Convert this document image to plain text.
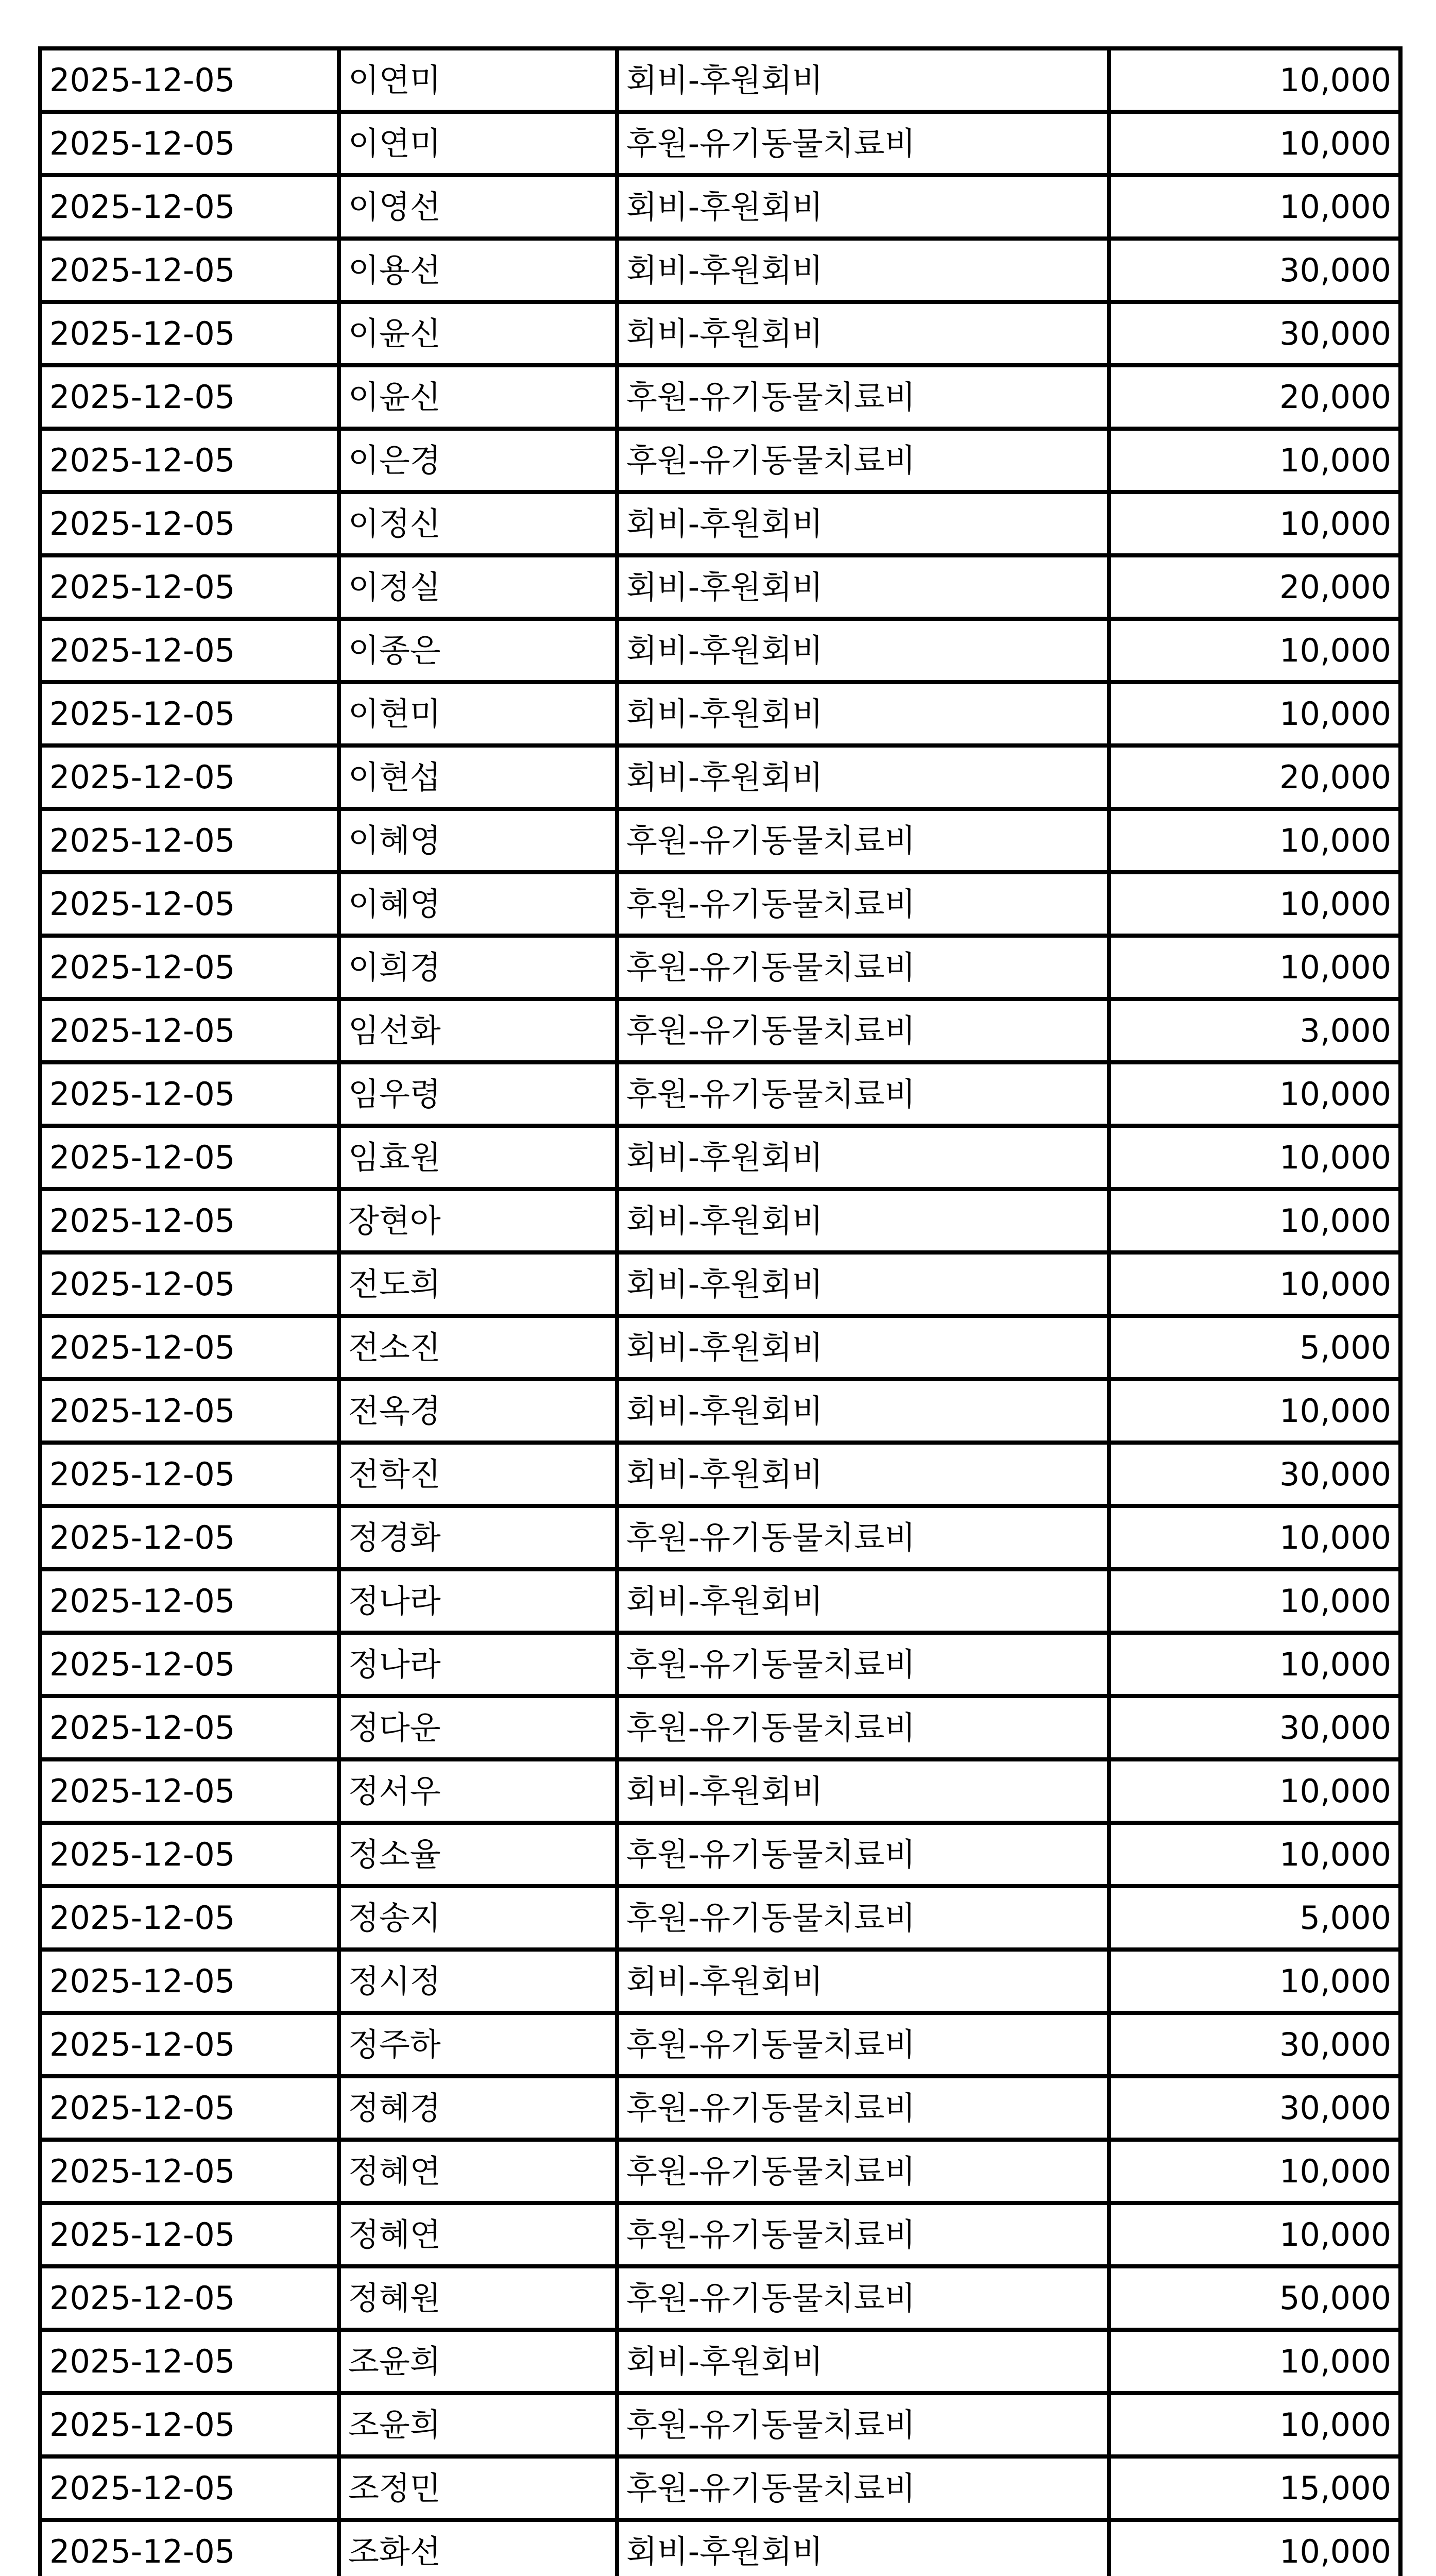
2025-12-05	이연미	회비-후원회비	10,000
2025-12-05	이연미	후원-유기동물치료비	10,000
2025-12-05	이영선	회비-후원회비	10,000
2025-12-05	이용선	회비-후원회비	30,000
2025-12-05	이윤신	회비-후원회비	30,000
2025-12-05	이윤신	후원-유기동물치료비	20,000
2025-12-05	이은경	후원-유기동물치료비	10,000
2025-12-05	이정신	회비-후원회비	10,000
2025-12-05	이정실	회비-후원회비	20,000
2025-12-05	이종은	회비-후원회비	10,000
2025-12-05	이현미	회비-후원회비	10,000
2025-12-05	이현섭	회비-후원회비	20,000
2025-12-05	이혜영	후원-유기동물치료비	10,000
2025-12-05	이혜영	후원-유기동물치료비	10,000
2025-12-05	이희경	후원-유기동물치료비	10,000
2025-12-05	임선화	후원-유기동물치료비	3,000
2025-12-05	임우령	후원-유기동물치료비	10,000
2025-12-05	임효원	회비-후원회비	10,000
2025-12-05	장현아	회비-후원회비	10,000
2025-12-05	전도희	회비-후원회비	10,000
2025-12-05	전소진	회비-후원회비	5,000
2025-12-05	전옥경	회비-후원회비	10,000
2025-12-05	전학진	회비-후원회비	30,000
2025-12-05	정경화	후원-유기동물치료비	10,000
2025-12-05	정나라	회비-후원회비	10,000
2025-12-05	정나라	후원-유기동물치료비	10,000
2025-12-05	정다운	후원-유기동물치료비	30,000
2025-12-05	정서우	회비-후원회비	10,000
2025-12-05	정소율	후원-유기동물치료비	10,000
2025-12-05	정송지	후원-유기동물치료비	5,000
2025-12-05	정시정	회비-후원회비	10,000
2025-12-05	정주하	후원-유기동물치료비	30,000
2025-12-05	정혜경	후원-유기동물치료비	30,000
2025-12-05	정혜연	후원-유기동물치료비	10,000
2025-12-05	정혜연	후원-유기동물치료비	10,000
2025-12-05	정혜원	후원-유기동물치료비	50,000
2025-12-05	조윤희	회비-후원회비	10,000
2025-12-05	조윤희	후원-유기동물치료비	10,000
2025-12-05	조정민	후원-유기동물치료비	15,000
2025-12-05	조화선	회비-후원회비	10,000
